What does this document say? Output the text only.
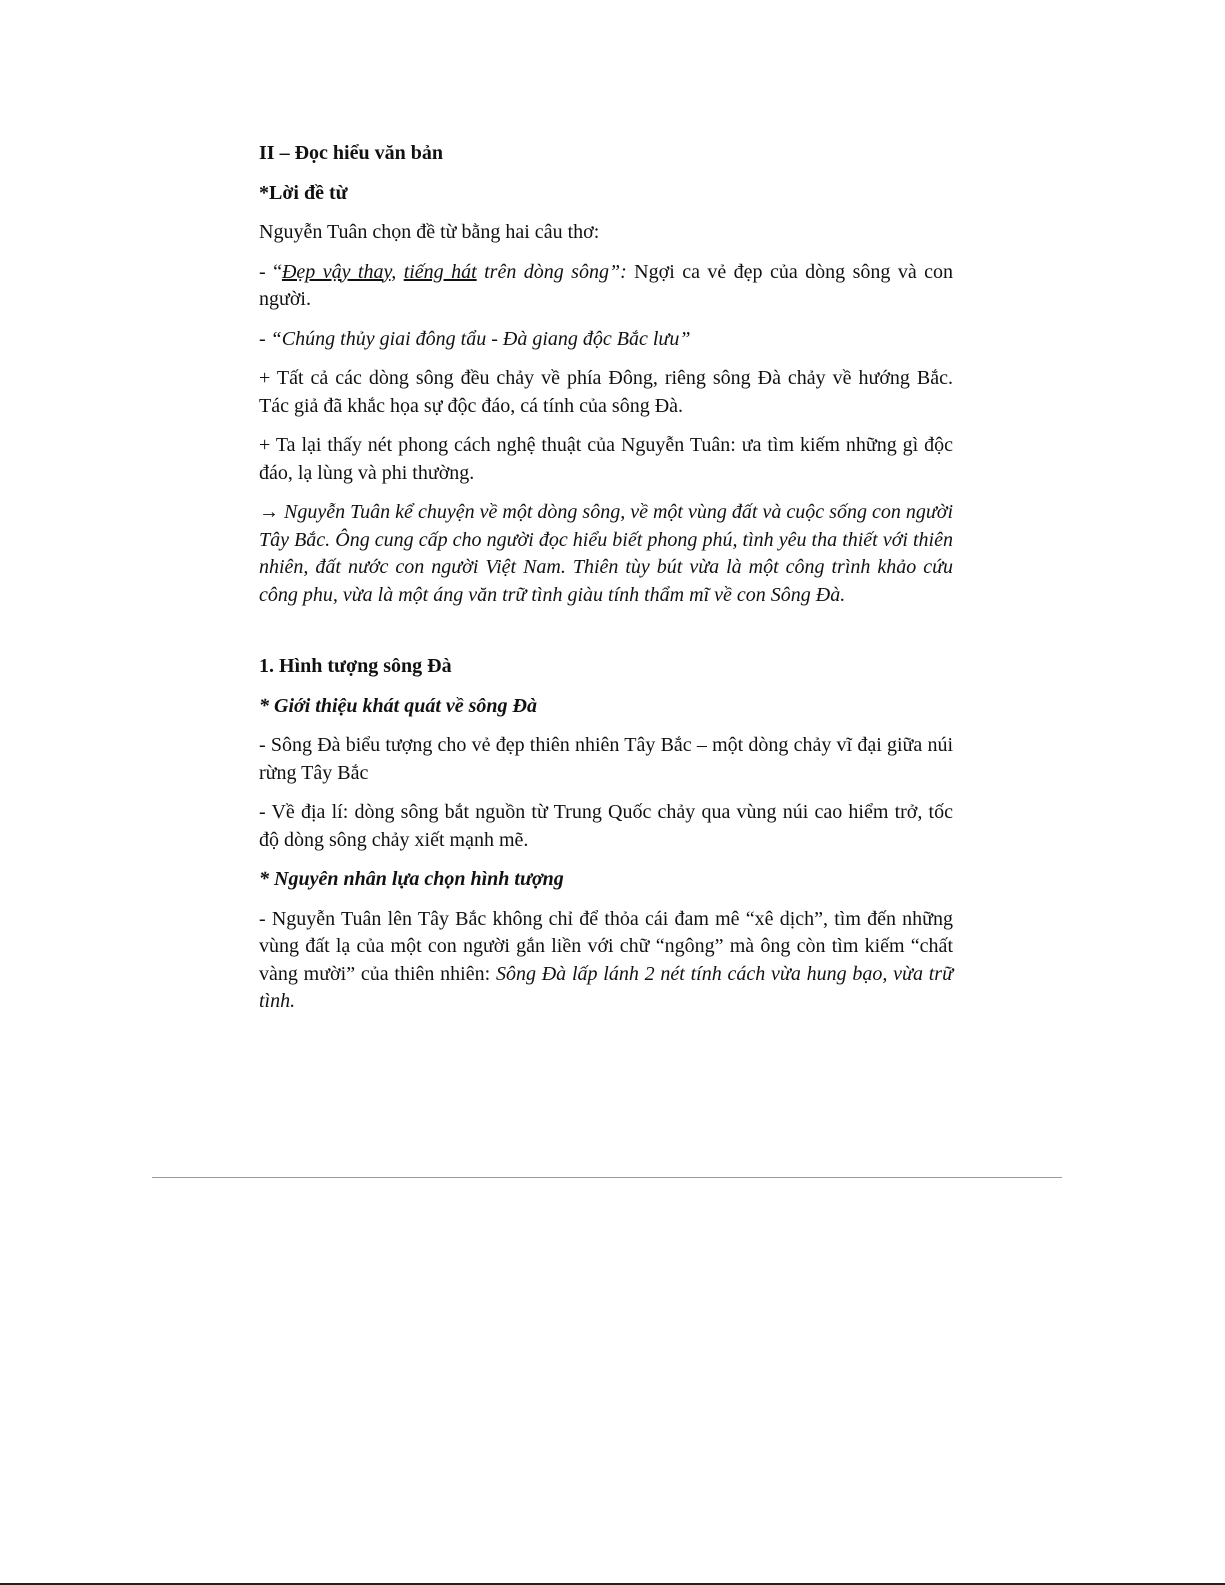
II – Đọc hiểu văn bản
*Lời đề từ
Nguyễn Tuân chọn đề từ bằng hai câu thơ:
- “Đẹp vậy thay, tiếng hát trên dòng sông”: Ngợi ca vẻ đẹp của dòng sông và con người.
- “Chúng thủy giai đông tẩu - Đà giang độc Bắc lưu”
+ Tất cả các dòng sông đều chảy về phía Đông, riêng sông Đà chảy về hướng Bắc. Tác giả đã khắc họa sự độc đáo, cá tính của sông Đà.
+ Ta lại thấy nét phong cách nghệ thuật của Nguyễn Tuân: ưa tìm kiếm những gì độc đáo, lạ lùng và phi thường.
→ Nguyễn Tuân kể chuyện về một dòng sông, về một vùng đất và cuộc sống con người Tây Bắc. Ông cung cấp cho người đọc hiểu biết phong phú, tình yêu tha thiết với thiên nhiên, đất nước con người Việt Nam. Thiên tùy bút vừa là một công trình khảo cứu công phu, vừa là một áng văn trữ tình giàu tính thẩm mĩ về con Sông Đà.
1. Hình tượng sông Đà
* Giới thiệu khát quát về sông Đà
- Sông Đà biểu tượng cho vẻ đẹp thiên nhiên Tây Bắc – một dòng chảy vĩ đại giữa núi rừng Tây Bắc
- Về địa lí: dòng sông bắt nguồn từ Trung Quốc chảy qua vùng núi cao hiểm trở, tốc độ dòng sông chảy xiết mạnh mẽ.
* Nguyên nhân lựa chọn hình tượng
- Nguyễn Tuân lên Tây Bắc không chỉ để thỏa cái đam mê “xê dịch”, tìm đến những vùng đất lạ của một con người gắn liền với chữ “ngông” mà ông còn tìm kiếm “chất vàng mười” của thiên nhiên: Sông Đà lấp lánh 2 nét tính cách vừa hung bạo, vừa trữ tình.
